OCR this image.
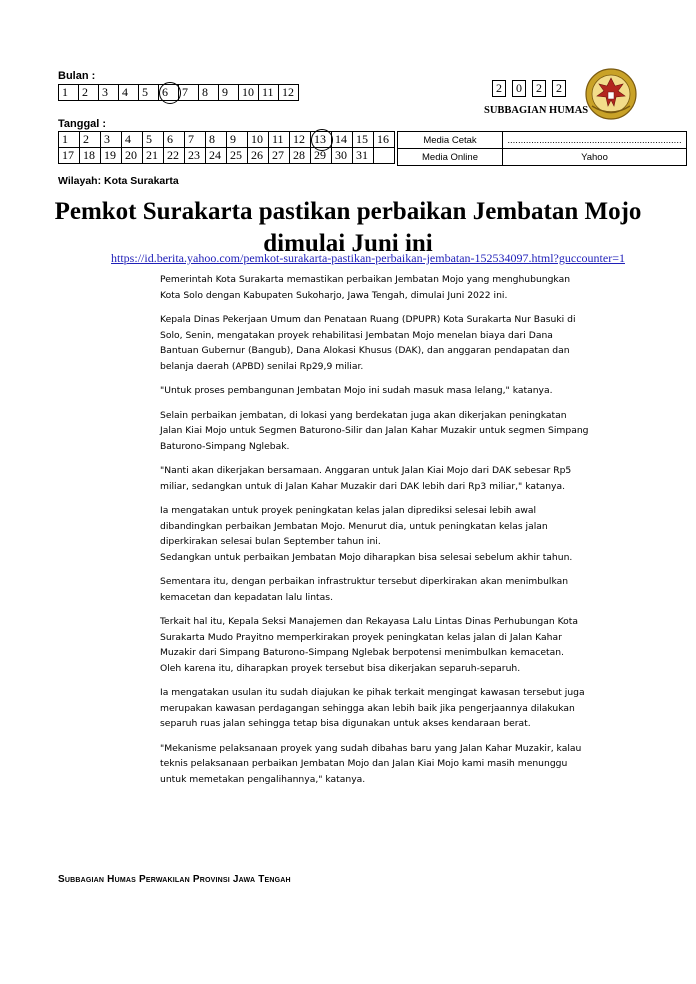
Bulan :
1	2	3	4	5	6	7	8	9	10	11	12
Tanggal :
1	2	3	4	5	6	7	8	9	10	11	12	13	14	15	16
17	18	19	20	21	22	23	24	25	26	27	28	29	30	31	
2	0	2	2
SUBBAGIAN HUMAS
Media Cetak	..................................................................
Media Online	Yahoo
Wilayah: Kota Surakarta
Pemkot Surakarta pastikan perbaikan Jembatan Mojo
dimulai Juni ini
https://id.berita.yahoo.com/pemkot-surakarta-pastikan-perbaikan-jembatan-152534097.html?guccounter=1

Pemerintah Kota Surakarta memastikan perbaikan Jembatan Mojo yang menghubungkan Kota Solo dengan Kabupaten Sukoharjo, Jawa Tengah, dimulai Juni 2022 ini.

Kepala Dinas Pekerjaan Umum dan Penataan Ruang (DPUPR) Kota Surakarta Nur Basuki di Solo, Senin, mengatakan proyek rehabilitasi Jembatan Mojo menelan biaya dari Dana Bantuan Gubernur (Bangub), Dana Alokasi Khusus (DAK), dan anggaran pendapatan dan belanja daerah (APBD) senilai Rp29,9 miliar.

"Untuk proses pembangunan Jembatan Mojo ini sudah masuk masa lelang," katanya.

Selain perbaikan jembatan, di lokasi yang berdekatan juga akan dikerjakan peningkatan Jalan Kiai Mojo untuk Segmen Baturono-Silir dan Jalan Kahar Muzakir untuk segmen Simpang Baturono-Simpang Nglebak.

"Nanti akan dikerjakan bersamaan. Anggaran untuk Jalan Kiai Mojo dari DAK sebesar Rp5 miliar, sedangkan untuk di Jalan Kahar Muzakir dari DAK lebih dari Rp3 miliar," katanya.

Ia mengatakan untuk proyek peningkatan kelas jalan diprediksi selesai lebih awal dibandingkan perbaikan Jembatan Mojo. Menurut dia, untuk peningkatan kelas jalan diperkirakan selesai bulan September tahun ini.
Sedangkan untuk perbaikan Jembatan Mojo diharapkan bisa selesai sebelum akhir tahun.

Sementara itu, dengan perbaikan infrastruktur tersebut diperkirakan akan menimbulkan kemacetan dan kepadatan lalu lintas.

Terkait hal itu, Kepala Seksi Manajemen dan Rekayasa Lalu Lintas Dinas Perhubungan Kota Surakarta Mudo Prayitno memperkirakan proyek peningkatan kelas jalan di Jalan Kahar Muzakir dari Simpang Baturono-Simpang Nglebak berpotensi menimbulkan kemacetan.
Oleh karena itu, diharapkan proyek tersebut bisa dikerjakan separuh-separuh.

Ia mengatakan usulan itu sudah diajukan ke pihak terkait mengingat kawasan tersebut juga merupakan kawasan perdagangan sehingga akan lebih baik jika pengerjaannya dilakukan separuh ruas jalan sehingga tetap bisa digunakan untuk akses kendaraan berat.

"Mekanisme pelaksanaan proyek yang sudah dibahas baru yang Jalan Kahar Muzakir, kalau teknis pelaksanaan perbaikan Jembatan Mojo dan Jalan Kiai Mojo kami masih menunggu untuk memetakan pengalihannya," katanya.

Subbagian Humas Perwakilan Provinsi Jawa Tengah
